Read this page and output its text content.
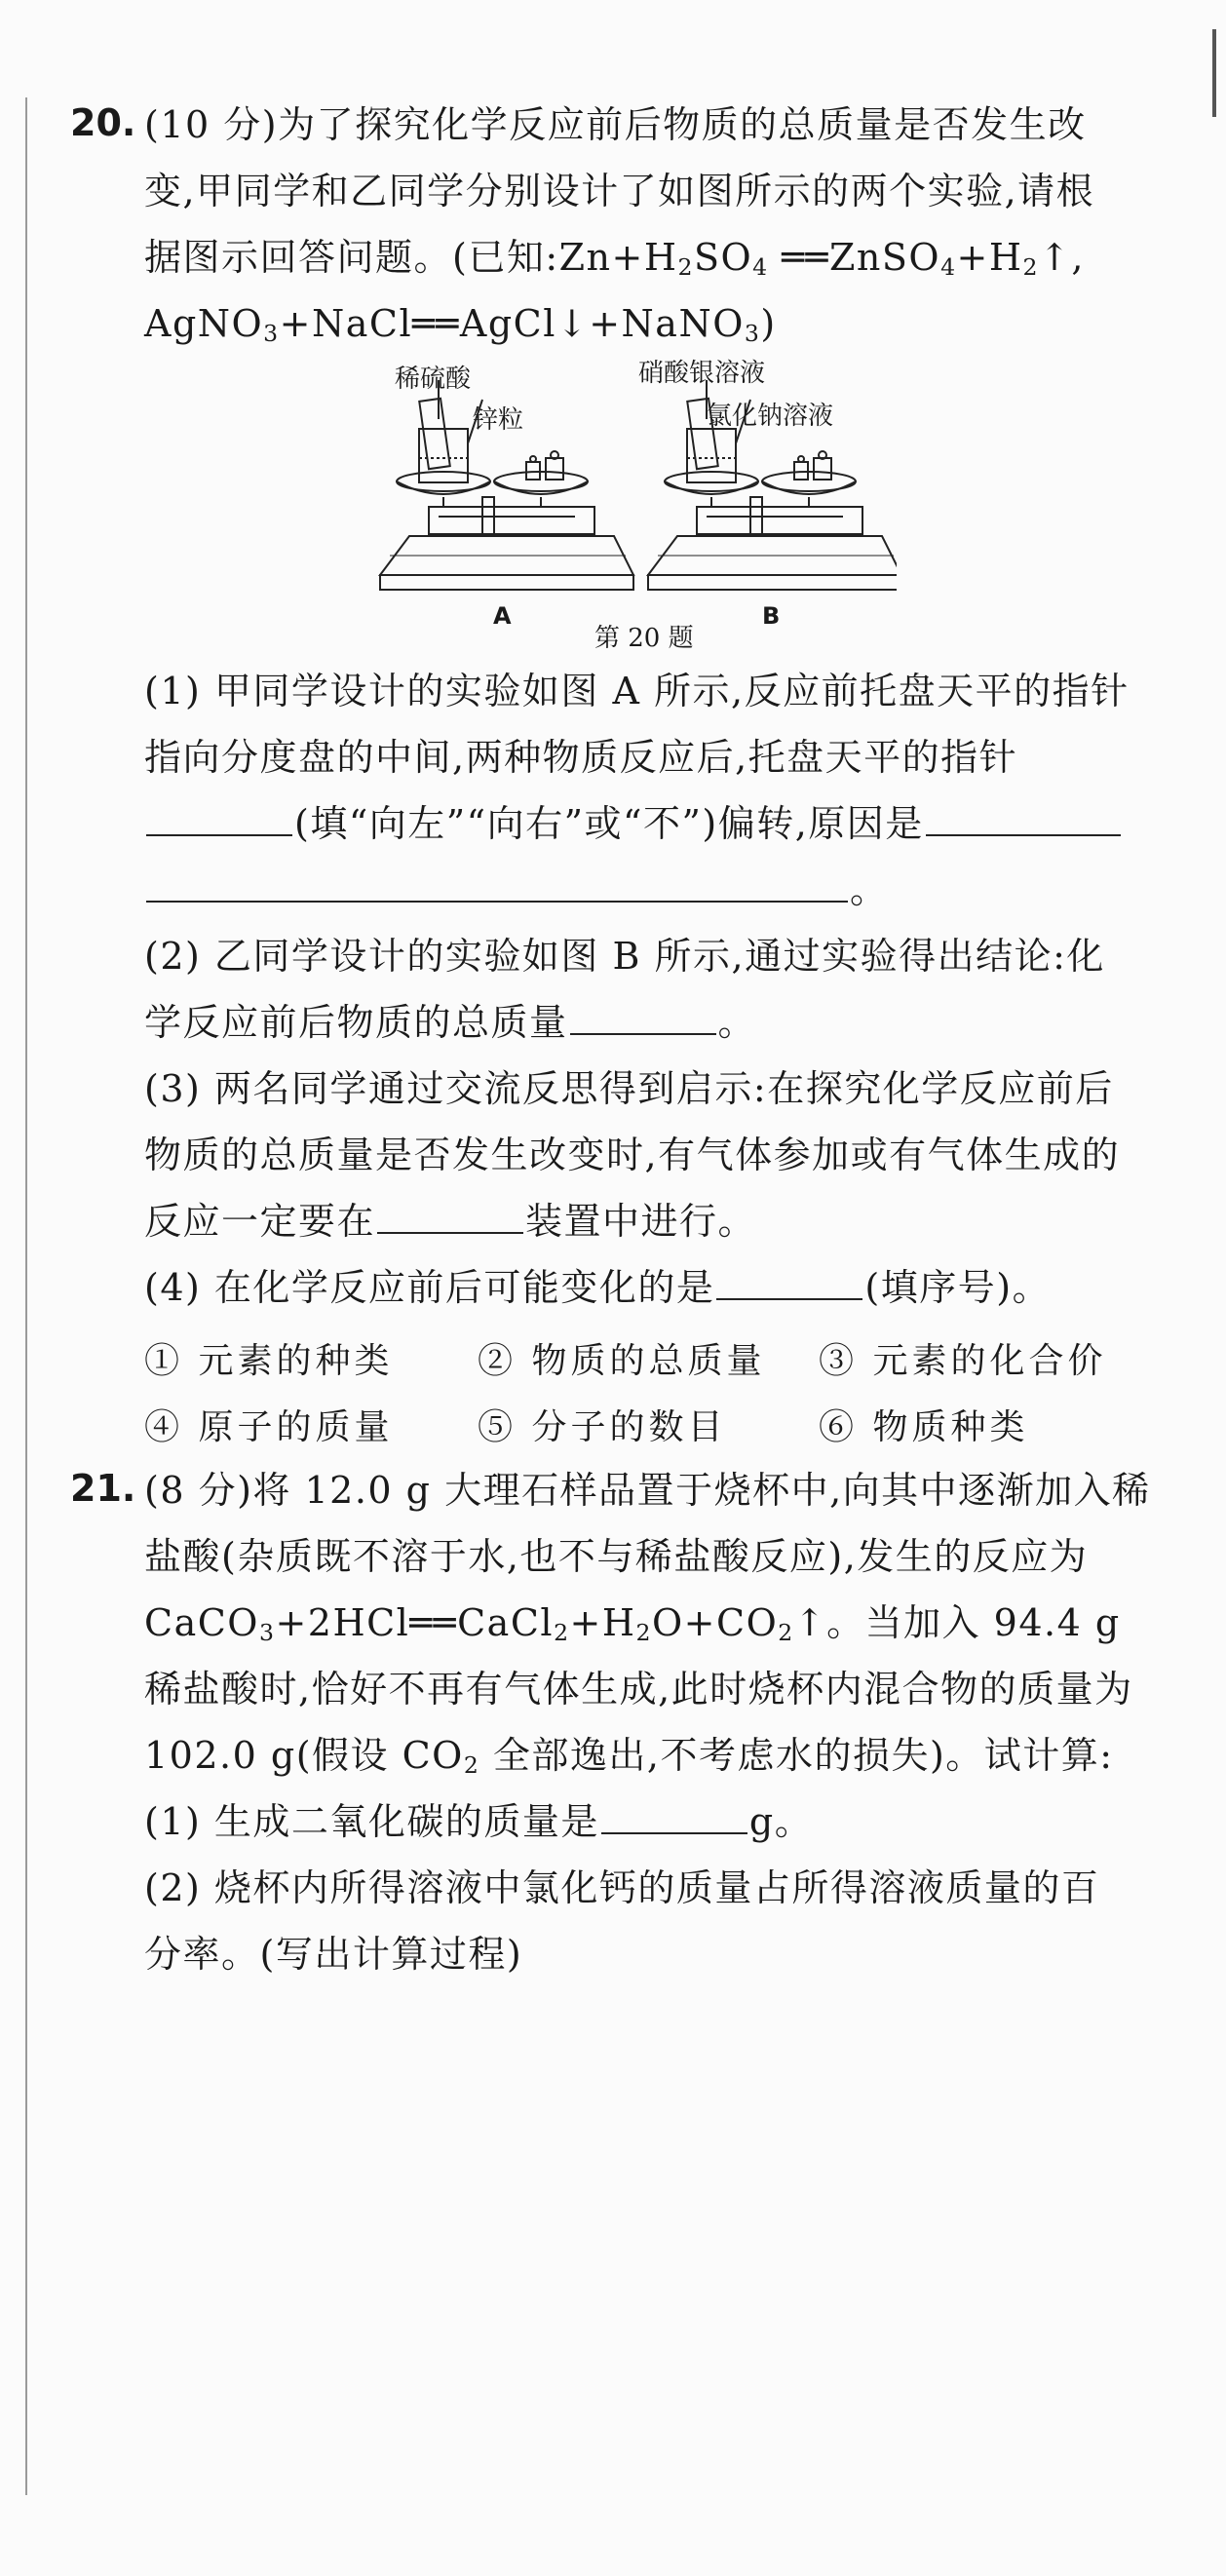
20. (10 分)为了探究化学反应前后物质的总质量是否发生改
变,甲同学和乙同学分别设计了如图所示的两个实验,请根
据图示回答问题。(已知$:Zn+H_2SO_4$ $══ZnSO_4+H_2↑$,
AgNO$_3$+NaCl══AgCl↓+NaNO$_3$)
稀硫酸
锌粒
硝酸银溶液
氯化钠溶液
A	B
第 20 题
(1) 甲同学设计的实验如图 A 所示,反应前托盘天平的指针
指向分度盘的中间,两种物质反应后,托盘天平的指针
(填“向左”“向右”或“不”)偏转,原因是
。
(2) 乙同学设计的实验如图 B 所示,通过实验得出结论:化
学反应前后物质的总质量	。
(3) 两名同学通过交流反思得到启示:在探究化学反应前后
物质的总质量是否发生改变时,有气体参加或有气体生成的
反应一定要在	装置中进行。
(4) 在化学反应前后可能变化的是	(填序号)。
① 元素的种类 ② 物质的总质量 ③ 元素的化合价
④ 原子的质量 ⑤ 分子的数目	⑥ 物质种类
21. (8 分)将 12.0 g 大理石样品置于烧杯中,向其中逐渐加入稀
盐酸(杂质既不溶于水,也不与稀盐酸反应),发生的反应为
$CaCO_3+2HCl══CaCl_2+H_2O+CO_2↑$。当加入 94.4 g
稀盐酸时,恰好不再有气体生成,此时烧杯内混合物的质量为
102.0 g(假设 $CO_2$ 全部逸出,不考虑水的损失)。试计算:
(1) 生成二氧化碳的质量是	g。
(2) 烧杯内所得溶液中氯化钙的质量占所得溶液质量的百
分率。(写出计算过程)
